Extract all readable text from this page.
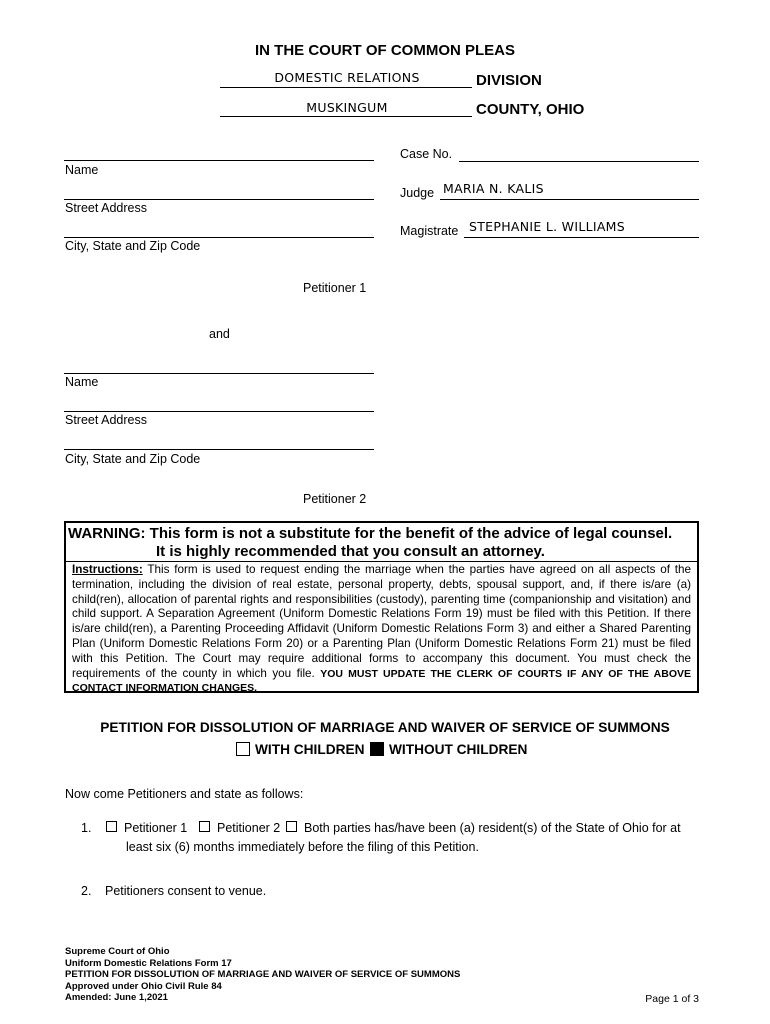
IN THE COURT OF COMMON PLEAS
DOMESTIC RELATIONS	DIVISION
MUSKINGUM	COUNTY, OHIO
Case No.
Judge MARIA N. KALIS
Magistrate STEPHANIE L. WILLIAMS
Name
Street Address
City, State and Zip Code
Petitioner 1
and
Name
Street Address
City, State and Zip Code
Petitioner 2
WARNING: This form is not a substitute for the benefit of the advice of legal counsel.
It is highly recommended that you consult an attorney.
Instructions: This form is used to request ending the marriage when the parties have agreed on all aspects of the termination, including the division of real estate, personal property, debts, spousal support, and, if there is/are (a) child(ren), allocation of parental rights and responsibilities (custody), parenting time (companionship and visitation) and child support. A Separation Agreement (Uniform Domestic Relations Form 19) must be filed with this Petition. If there is/are child(ren), a Parenting Proceeding Affidavit (Uniform Domestic Relations Form 3) and either a Shared Parenting Plan (Uniform Domestic Relations Form 20) or a Parenting Plan (Uniform Domestic Relations Form 21) must be filed with this Petition. The Court may require additional forms to accompany this document. You must check the requirements of the county in which you file. YOU MUST UPDATE THE CLERK OF COURTS IF ANY OF THE ABOVE CONTACT INFORMATION CHANGES.
PETITION FOR DISSOLUTION OF MARRIAGE AND WAIVER OF SERVICE OF SUMMONS
WITH CHILDREN WITHOUT CHILDREN
Now come Petitioners and state as follows:
1.	Petitioner 1 Petitioner 2 Both parties has/have been (a) resident(s) of the State of Ohio for at
least six (6) months immediately before the filing of this Petition.
2. Petitioners consent to venue.
Supreme Court of Ohio
Uniform Domestic Relations Form 17
PETITION FOR DISSOLUTION OF MARRIAGE AND WAIVER OF SERVICE OF SUMMONS
Approved under Ohio Civil Rule 84
Amended: June 1,2021	Page 1 of 3
